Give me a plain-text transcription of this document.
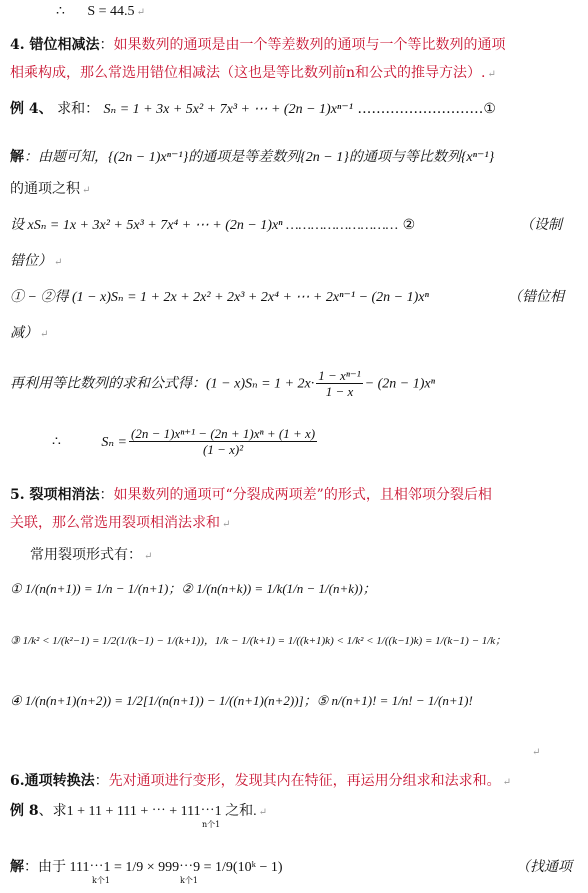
∴ S = 44.5 ↵
4. 错位相减法：如果数列的通项是由一个等差数列的通项与一个等比数列的通项
相乘构成，那么常选用错位相减法（这也是等比数列前n和公式的推导方法）. ↵
例 4、 求和： Sₙ = 1 + 3x + 5x² + 7x³ + ⋯ + (2n − 1)xⁿ⁻¹ ………………………①
解：由题可知，{(2n − 1)xⁿ⁻¹}的通项是等差数列{2n − 1}的通项与等比数列{xⁿ⁻¹}
的通项之积 ↵
设 xSₙ = 1x + 3x² + 5x³ + 7x⁴ + ⋯ + (2n − 1)xⁿ ……………………… ②	（设制
错位） ↵
① − ②得 (1 − x)Sₙ = 1 + 2x + 2x² + 2x³ + 2x⁴ + ⋯ + 2xⁿ⁻¹ − (2n − 1)xⁿ	（错位相
减） ↵
再利用等比数列的求和公式得：$(1 - x)S_n = 1 + 2x\cdot \frac{\text{1 − xⁿ⁻¹}}{1 - x} - (2n - 1)x^n$
∴	$S_n = \frac{\text{(2n − 1)xⁿ⁺¹ − (2n + 1)xⁿ + (1 + x)}}{\text{(1 − x)²}}$
5. 裂项相消法：如果数列的通项可“分裂成两项差”的形式，且相邻项分裂后相
关联，那么常选用裂项相消法求和 ↵
常用裂项形式有： ↵
① 1/(n(n+1)) = 1/n − 1/(n+1)；② 1/(n(n+k)) = 1/k(1/n − 1/(n+k))；
③ 1/k² < 1/(k²−1) = 1/2(1/(k−1) − 1/(k+1))，1/k − 1/(k+1) = 1/((k+1)k) < 1/k² < 1/((k−1)k) = 1/(k−1) − 1/k；
④ 1/(n(n+1)(n+2)) = 1/2[1/(n(n+1)) − 1/((n+1)(n+2))]；⑤ n/(n+1)! = 1/n! − 1/(n+1)!
↵
6.通项转换法：先对通项进行变形，发现其内在特征，再运用分组求和法求和。 ↵
例 8、求1 + 11 + 111 + ⋯ + 111⋯1 之和. ↵
n个1
解：由于 111⋯1 = 1/9 × 999⋯9 = 1/9(10ᵏ − 1)
k个1	k个1
（找通项
